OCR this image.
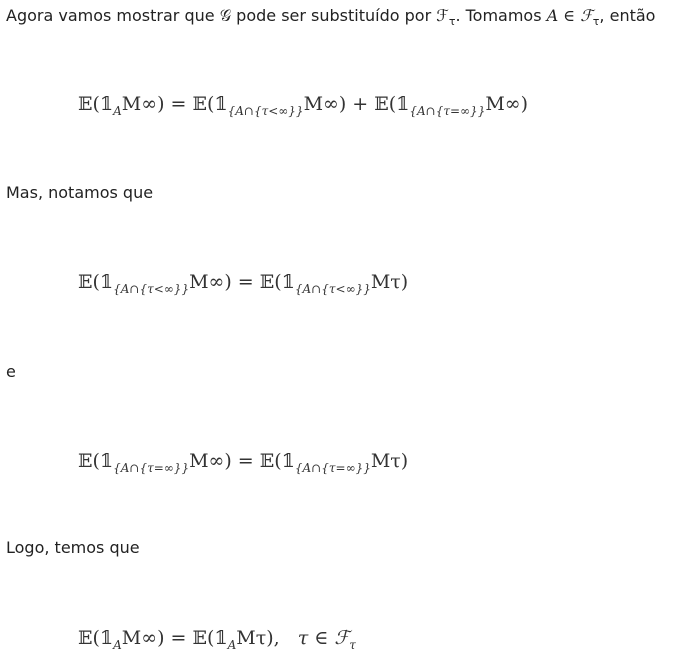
Agora vamos mostrar que 𝒢 pode ser substituído por ℱ$_\tau$. Tomamos A ∈ ℱ$_\tau$, então
$𝔼(𝟙_AM\infty)$ = $𝔼(𝟙_{\{A\cap\{\tau<\infty\}\}}M\infty)$ + $𝔼(𝟙_{\{A\cap\{\tau=\infty\}\}}M\infty)$
Mas, notamos que
$𝔼(𝟙_{\{A\cap\{\tau<\infty\}\}}M\infty)$ = $𝔼(𝟙_{\{A\cap\{\tau<\infty\}\}}M\tau)$
e
$𝔼(𝟙_{\{A\cap\{\tau=\infty\}\}}M\infty)$ = $𝔼(𝟙_{\{A\cap\{\tau=\infty\}\}}M\tau)$
Logo, temos que
$𝔼(𝟙_AM\infty)$ = $𝔼(𝟙_AM\tau)$, τ ∈ ℱ$_\tau$
